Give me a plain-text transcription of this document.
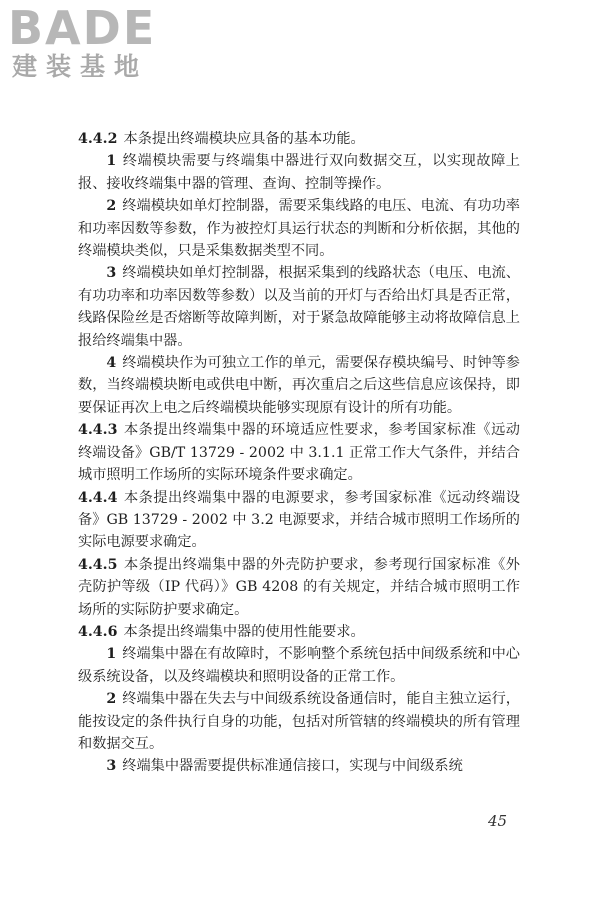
BADE

建装基地

4.4.2 本条提出终端模块应具备的基本功能。

1 终端模块需要与终端集中器进行双向数据交互，以实现故障上报、接收终端集中器的管理、查询、控制等操作。

2 终端模块如单灯控制器，需要采集线路的电压、电流、有功功率和功率因数等参数，作为被控灯具运行状态的判断和分析依据，其他的终端模块类似，只是采集数据类型不同。

3 终端模块如单灯控制器，根据采集到的线路状态（电压、电流、有功功率和功率因数等参数）以及当前的开灯与否给出灯具是否正常，线路保险丝是否熔断等故障判断，对于紧急故障能够主动将故障信息上报给终端集中器。

4 终端模块作为可独立工作的单元，需要保存模块编号、时钟等参数，当终端模块断电或供电中断，再次重启之后这些信息应该保持，即要保证再次上电之后终端模块能够实现原有设计的所有功能。

4.4.3 本条提出终端集中器的环境适应性要求，参考国家标准《远动终端设备》GB/T 13729 - 2002 中 3.1.1 正常工作大气条件，并结合城市照明工作场所的实际环境条件要求确定。

4.4.4 本条提出终端集中器的电源要求，参考国家标准《远动终端设备》GB 13729 - 2002 中 3.2 电源要求，并结合城市照明工作场所的实际电源要求确定。

4.4.5 本条提出终端集中器的外壳防护要求，参考现行国家标准《外壳防护等级（IP 代码）》GB 4208 的有关规定，并结合城市照明工作场所的实际防护要求确定。

4.4.6 本条提出终端集中器的使用性能要求。

1 终端集中器在有故障时，不影响整个系统包括中间级系统和中心级系统设备，以及终端模块和照明设备的正常工作。

2 终端集中器在失去与中间级系统设备通信时，能自主独立运行，能按设定的条件执行自身的功能，包括对所管辖的终端模块的所有管理和数据交互。

3 终端集中器需要提供标准通信接口，实现与中间级系统

45
